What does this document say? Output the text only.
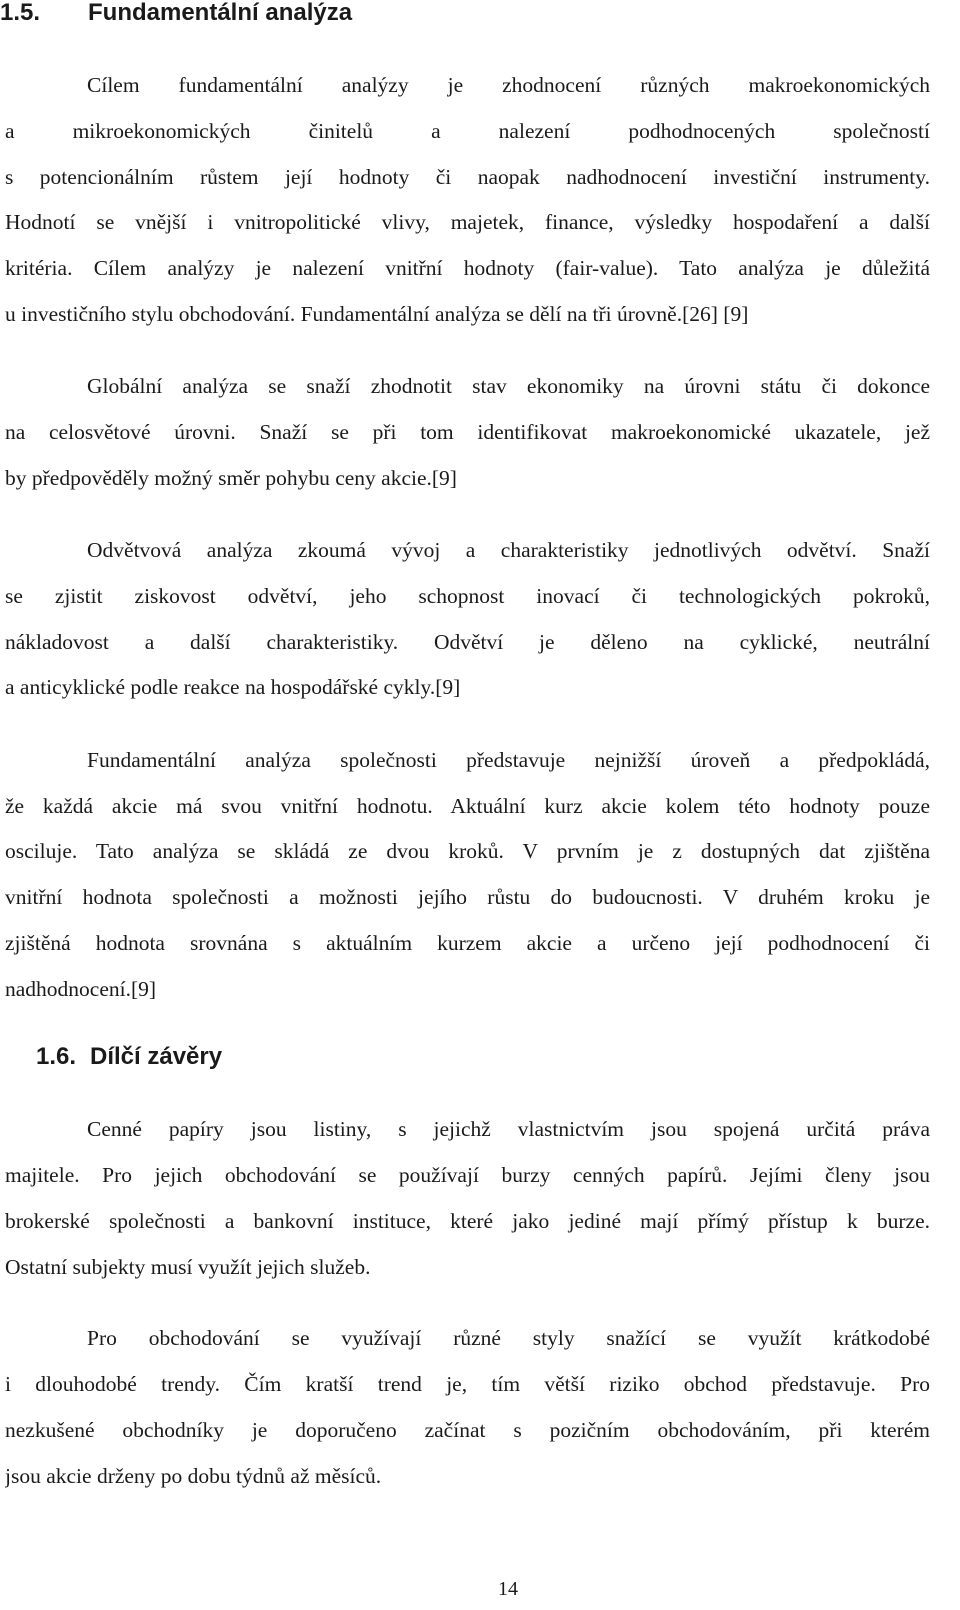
1.5. Fundamentální analýza
Cílem fundamentální analýzy je zhodnocení různých makroekonomických
a mikroekonomických činitelů a nalezení podhodnocených společností
s potencionálním růstem její hodnoty či naopak nadhodnocení investiční instrumenty.
Hodnotí se vnější i vnitropolitické vlivy, majetek, finance, výsledky hospodaření a další
kritéria. Cílem analýzy je nalezení vnitřní hodnoty (fair-value). Tato analýza je důležitá
u investičního stylu obchodování. Fundamentální analýza se dělí na tři úrovně.[26] [9]
Globální analýza se snaží zhodnotit stav ekonomiky na úrovni státu či dokonce
na celosvětové úrovni. Snaží se při tom identifikovat makroekonomické ukazatele, jež
by předpověděly možný směr pohybu ceny akcie.[9]
Odvětvová analýza zkoumá vývoj a charakteristiky jednotlivých odvětví. Snaží
se zjistit ziskovost odvětví, jeho schopnost inovací či technologických pokroků,
nákladovost a další charakteristiky. Odvětví je děleno na cyklické, neutrální
a anticyklické podle reakce na hospodářské cykly.[9]
Fundamentální analýza společnosti představuje nejnižší úroveň a předpokládá,
že každá akcie má svou vnitřní hodnotu. Aktuální kurz akcie kolem této hodnoty pouze
osciluje. Tato analýza se skládá ze dvou kroků. V prvním je z dostupných dat zjištěna
vnitřní hodnota společnosti a možnosti jejího růstu do budoucnosti. V druhém kroku je
zjištěná hodnota srovnána s aktuálním kurzem akcie a určeno její podhodnocení či
nadhodnocení.[9]
1.6. Dílčí závěry
Cenné papíry jsou listiny, s jejichž vlastnictvím jsou spojená určitá práva
majitele. Pro jejich obchodování se používají burzy cenných papírů. Jejími členy jsou
brokerské společnosti a bankovní instituce, které jako jediné mají přímý přístup k burze.
Ostatní subjekty musí využít jejich služeb.
Pro obchodování se využívají různé styly snažící se využít krátkodobé
i dlouhodobé trendy. Čím kratší trend je, tím větší riziko obchod představuje. Pro
nezkušené obchodníky je doporučeno začínat s pozičním obchodováním, při kterém
jsou akcie drženy po dobu týdnů až měsíců.
14
